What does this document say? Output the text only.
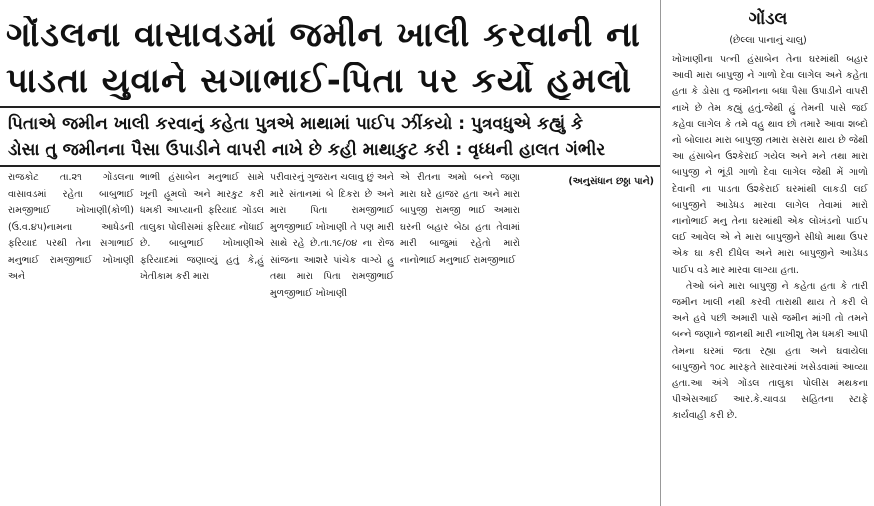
ગોંડલના વાસાવડમાં જમીન ખાલી કરવાની ના
પાડતા યુવાને સગાભાઈ-પિતા પર કર્યો હૂમલો
પિતાએ જમીન ખાલી કરવાનું કહેતા પુત્રએ માથામાં પાઈપ ઝીંકયો : પુત્રવધુએ કહ્યું કે
ડોસા તુ જમીનના પૈસા ઉપાડીને વાપરી નાખે છે કહી માથાકુટ કરી : વૃધ્ધની હાલત ગંભીર

રાજકોટ તા.૨૧ ગોંડલના વાસાવડમાં રહેતા બાબુભાઈ રામજીભાઈ ખોખાણી(કોળી)(ઉ.વ.૪૫)નામના આધેડની ફરિયાદ પરથી તેના સગાભાઈ મનુભાઈ રામજીભાઈ ખોખાણી અને

ભાભી હંસાબેન મનુભાઈ સામે ખૂની હૂમલો અને મારકુટ કરી ધમકી આપ્યાની ફરિયાદ ગોંડલ તાલુકા પોલીસમાં ફરિયાદ નોંધાઈ છે. બાબુભાઈ ખોખાણીએ ફરિયાદમાં જણાવ્યું હતું કે,હું ખેતીકામ કરી મારા

પરીવારનું ગુજરાન ચલાવુ છું અને મારે સંતાનમાં બે દિકરા છે અને મારા પિતા રામજીભાઈ મુળજીભાઈ ખોખાણી તે પણ મારી સાથે રહે છે.તા.૧૯/૦૪ ના રોજ સાંજના આશરે પાંચેક વાગ્યે હુ તથા મારા પિતા રામજીભાઈ મુળજીભાઈ ખોખાણી

એ રીતના અમો બન્ને જણા મારા ઘરે હાજર હતા અને મારા બાપુજી રામજી ભાઈ અમારા ઘરની બહાર બેઠા હતા તેવામાં મારી બાજુમાં રહેતો મારો નાનોભાઈ મનુભાઈ રામજીભાઈ

(અનુસંધાન છઠ્ઠા પાને)

ગોંડલ
(છેલ્લા પાનાનું ચાલુ)

ખોખાણીના પત્ની હંસાબેન તેના ઘરમાંથી બહાર આવી મારા બાપુજી ને ગાળો દેવા લાગેલ અને કહેતા હતા કે ડોસા તુ જમીનના બધા પૈસા ઉપાડીને વાપરી નાખે છે તેમ કહ્યું હતું.જેથી હું તેમની પાસે જઈ કહેવા લાગેલ કે તમે વહુ થાવ છો તમારે આવા શબ્દો નો બોલાય મારા બાપુજી તમારા સસરા થાય છે જેથી આ હંસાબેન ઉશ્કેરાઈ ગયેલ અને મને તથા મારા બાપુજી ને ભૂંડી ગાળો દેવા લાગેલ જેથી મેં ગાળો દેવાની ના પાડતા ઉશ્કેરાઈ ઘરમાંથી લાકડી લઈ બાપુજીને આડેધડ મારવા લાગેલ તેવામાં મારો નાનોભાઈ મનુ તેના ઘરમાંથી એક લોખંડનો પાઈપ લઈ આવેલ એ ને મારા બાપુજીને સીધો માથા ઉપર એક ઘા કરી દીધેલ અને મારા બાપુજીને આડેધડ પાઈપ વડે માર મારવા લાગ્યા હતા.

તેઓ બંને મારા બાપુજી ને કહેતા હતા કે તારી જમીન ખાલી નથી કરવી તારાથી થાય તે કરી લે અને હવે પછી અમારી પાસે જમીન માંગી તો તમને બન્ને જણાને જાનથી મારી નાખીશુ તેમ ધમકી આપી તેમના ઘરમાં જતા રહ્યા હતા અને ઘવાયેલા બાપુજીને ૧૦૮ મારફતે સારવારમાં ખસેડવામાં આવ્યા હતા.આ અંગે ગોંડલ તાલુકા પોલીસ મથકના પીએસઆઈ આર.કે.ચાવડા સહિતના સ્ટાફે કાર્યવાહી કરી છે.
